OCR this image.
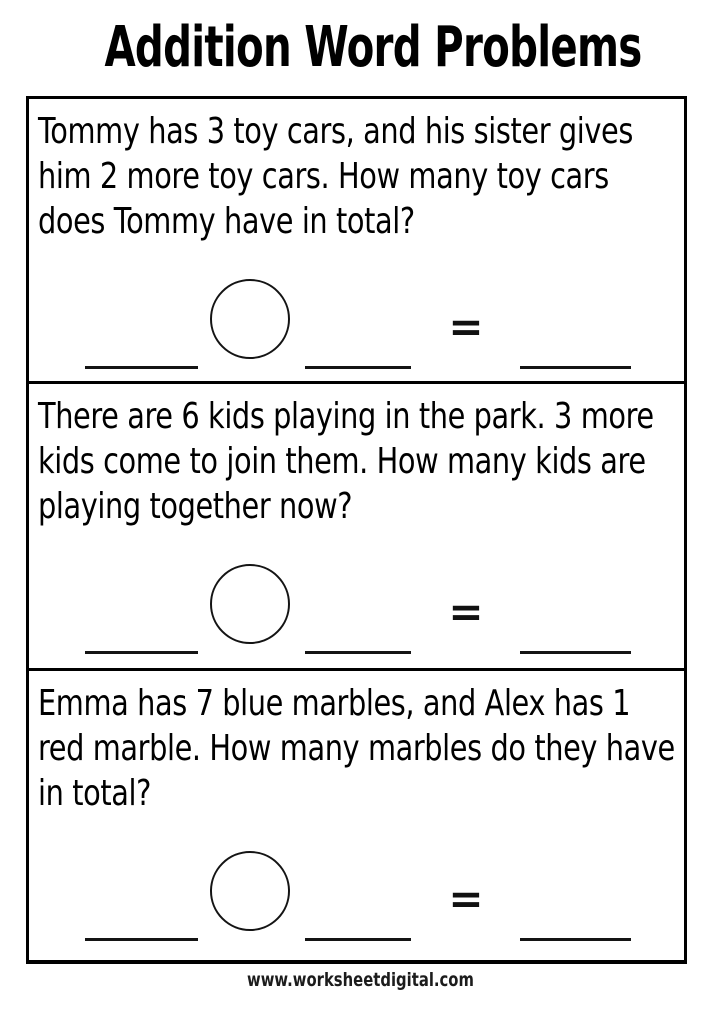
Addition Word Problems
Tommy has 3 toy cars, and his sister gives
him 2 more toy cars. How many toy cars
does Tommy have in total?
=
There are 6 kids playing in the park. 3 more
kids come to join them. How many kids are
playing together now?
=
Emma has 7 blue marbles, and Alex has 1
red marble. How many marbles do they have
in total?
=
www.worksheetdigital.com
